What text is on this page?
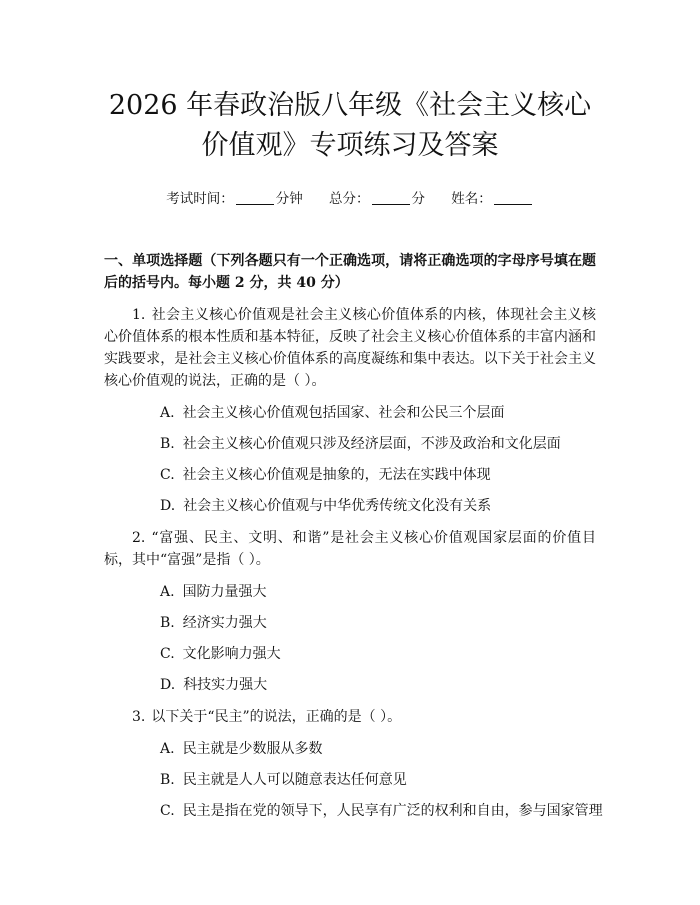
2026 年春政治版八年级《社会主义核心价值观》专项练习及答案
考试时间：	分钟 总分：	分 姓名：
一、单项选择题（下列各题只有一个正确选项，请将正确选项的字母序号填在题后的括号内。每小题 2 分，共 40 分）
1. 社会主义核心价值观是社会主义核心价值体系的内核，体现社会主义核心价值体系的根本性质和基本特征，反映了社会主义核心价值体系的丰富内涵和实践要求，是社会主义核心价值体系的高度凝练和集中表达。以下关于社会主义核心价值观的说法，正确的是（ ）。
A. 社会主义核心价值观包括国家、社会和公民三个层面
B. 社会主义核心价值观只涉及经济层面，不涉及政治和文化层面
C. 社会主义核心价值观是抽象的，无法在实践中体现
D. 社会主义核心价值观与中华优秀传统文化没有关系
2. “富强、民主、文明、和谐”是社会主义核心价值观国家层面的价值目标，其中“富强”是指（ ）。
A. 国防力量强大
B. 经济实力强大
C. 文化影响力强大
D. 科技实力强大
3. 以下关于“民主”的说法，正确的是（ ）。
A. 民主就是少数服从多数
B. 民主就是人人可以随意表达任何意见
C. 民主是指在党的领导下，人民享有广泛的权利和自由，参与国家管理
